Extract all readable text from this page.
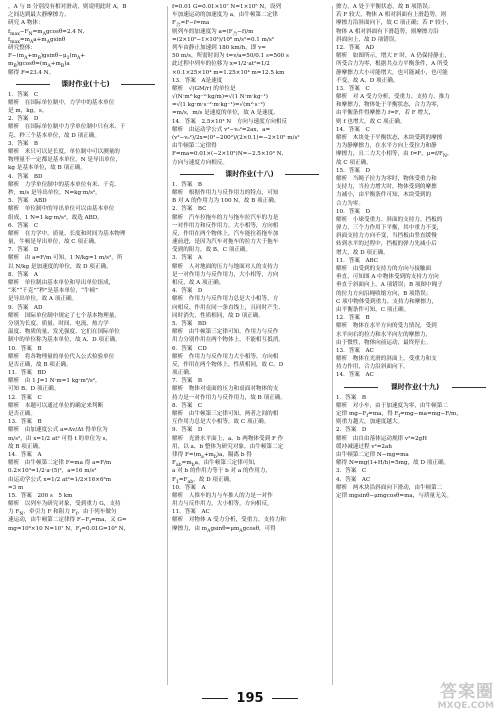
，A 与 B 分别没有相对滑动，则说明此时 A，B
之间达到最大静摩擦力。
研究 A 物体：
$f_{max}-F_N=m_Agcos\theta=2.4$ N，
$f_{max}=m_Aa+m_Agsin\theta$
研究整体：
$F-(m_A+m_B)gsin\theta-\mu_1(m_A+$
$m_B)gcos\theta=(m_A+m_B)a$
解得 F=23.4 N。
课时作业(十七)
1．答案　C
解析　在国际单位制中，力学中的基本单位
是 m，kg，s。
2．答案　D
解析　在国际单位制中力学单位制中只有米、千
克、秒三个基本单位，故 D 项正确。
3．答案　B
解析　米只可以是长度，单位制中可以测量的
物理量不一定都是基本单位，N 是导出单位，
kg 是基本单位，故 B 项正确。
4．答案　BD
解析　力学单位制中的基本单位有米、千克、
秒，m/s 是导出单位，N=kg·m/s²。
5．答案　ABD
解析　单位制中的导出单位可以由基本单位
组成，1 N=1 kg·m/s²，故选 ABD。
6．答案　C
解析　在力学中，质量、长度和时间为基本物理
量，牛顿是导出单位，故 C 项正确。
7．答案　D
解析　由 a=F/m 可知，1 N/kg=1 m/s²，所
以 N/kg 是加速度的单位，故 D 项正确。
8．答案　A
解析　单位制由基本单位和导出单位组成，
“米”“千克”“秒”是基本单位，“牛顿”
是导出单位，故 A 项正确。
9．答案　AD
解析　国际单位制中规定了七个基本物理量，
分别为长度、质量、时间、电流、热力学
温度、物质的量、发光强度，它们在国际单位
制中的单位称为基本单位，故 A、D 项正确。
10．答案　B
解析　将各物理量的单位代入公式检验单位
是否正确，故 B 项正确。
11．答案　BD
解析　由 1 J=1 N·m=1 kg·m²/s²，
可知 B、D 项正确。
12．答案　C
解析　本题可以通过单位的确定来判断
是否正确。
13．答案　B
解析　由加速度公式 a=Δv/Δt 得单位为
m/s²，由 x=1/2 at² 可得 t 的单位为 s，
故 B 项正确。
14．答案　A
解析　由牛顿第二定律 F=ma 得 a=F/m
0.2×10³=1/2·a·(5)²，a=16 m/s²
由运动学公式 x=1/2 at²=1/2×16×6²m
=3 m
15．答案　200 s　5 km
解析　以列车为研究对象，受到重力 G，支持
力 $F_N$，牵引力 F 和阻力 $F_f$，由于列车做匀
速运动，由牛顿第二定律得 $F-F_f=ma$，又 G=
mg=10⁶×10 N=10⁷ N，$F_f=0.01G=10^5$ N，
f=0.01 G=0.01×10⁷ N=1×10⁵ N，设列
车加速运动的加速度为 a，由牛顿第二定律
$F_合=F-f=ma$
则列车的加速度为 $a=(F_合-f)/m$
=(2×10⁵−1×10⁵)/10⁶ m/s²=0.1 m/s²
列车由静止加速到 180 km/h，即 v=
50 m/s，所需时间为 t=v/a=50/0.1 s=500 s
此过程中列车的位移为 x=1/2·at²=1/2
×0.1×25×10⁴ m=1.25×10⁴ m=12.5 km
13．答案　A是速度
解析　√(GM/r) 的单位是
√(N·m²·kg⁻²·kg/m)=√(1 N·m·kg⁻¹)
=√(1 kg·m·s⁻²·m·kg⁻¹)=√(m²·s⁻²)
=m/s，m/s 是速度的单位，故 A 是速度。
14．答案　2.5×10³ N　方向与速度方向相反
解析　由运动学公式 v²−v₀²=2ax，a=
(v²−v₀²)/2x=(0²−200²)/(2×0.1)=−2×10⁵ m/s²
由牛顿第二定律得
F=ma=0.01×(−2×10⁵)N=−2.5×10³ N，
方向与速度方向相反。
课时作业(十八)
1．答案　B
解析　根据作用力与反作用力的特点，可知
B 对 A 的作用力为 100 N，故 B 项正确。
2．答案　BC
解析　汽车拉拖车的力与拖车拉汽车的力是
一对作用力和反作用力，大小相等，方向相
反，作用在两个物体上，汽车能拉着拖车加
速前进，是因为汽车对拖车的拉力大于拖车
受到的阻力，故 B、C 项正确。
3．答案　A
解析　人对地面的压力与地面对人的支持力
是一对作用力与反作用力，大小相等，方向
相反，故 A 项正确。
4．答案　D
解析　作用力与反作用力总是大小相等、方
向相反、作用在同一条直线上，且同时产生、
同时消失，性质相同，故 D 项正确。
5．答案　BD
解析　由牛顿第三定律可知，作用力与反作
用力分别作用在两个物体上，不能相互抵消。
6．答案　CD
解析　作用力与反作用力大小相等、方向相
反，作用在两个物体上，性质相同，故 C、D
项正确。
7．答案　B
解析　物体对桌面的压力和桌面对物体的支
持力是一对作用力与反作用力，故 B 项正确。
8．答案　C
解析　由牛顿第三定律可知，两者之间的相
互作用力总是大小相等，故 C 项正确。
9．答案　D
解析　光滑水平面上，a、b 两物体受到 F 作
用，以 a、b 整体为研究对象，由牛顿第二定
律得 $F=(m_a+m_b)a$，隔离 b 得
$F_{ab}=m_ba$，由牛顿第三定律可知，
a 对 b 的作用力等于 b 对 a 的作用力，
$F_1=F_{ab}$，故 D 项正确。
10．答案　A
解析　人推车的力与车推人的力是一对作
用力与反作用力，大小相等，方向相反。
11．答案　AC
解析　对物体 A 受力分析，受重力、支持力和
摩擦力，由 $m_Agsin\theta=\mu m_Agcos\theta$，可得
擦力，A 处于平衡状态，故 B 项错误；
若 F 较大，物体 A 相对斜面有上滑趋势，则
摩擦力沿斜面向下，故 C 项正确；若 F 较小，
物体 A 相对斜面有下滑趋势，则摩擦力沿
斜面向上，故 D 项错误。
12．答案　AD
解析　如图所示，增大 F 时，A 仍保持静止，
所受合力为零，根据共点力平衡条件，A 所受
静摩擦力大小可能增大，也可能减小，也可能
不变，故 A、D 项正确。
13．答案　C
解析　对 A 受力分析，受重力、支持力、推力
和摩擦力，物体处于平衡状态，合力为零，
由平衡条件得摩擦力 f=F，若 F 增大，
则 f 也增大，故 C 项正确。
14．答案　C
解析　木块处于平衡状态，木块受到的摩擦
力为静摩擦力，在水平方向上受拉力和静
摩擦力，且二力大小相等，由 f=F，$\mu=f/F_N$，
故 C 项正确。
15．答案　D
解析　当绳子拉力为零时，物体受重力和
支持力，当拉力增大时，物体受到的摩擦
力减小，由平衡条件可知，木块受到的
合力为零。
10．答案　D
解析　小球受重力、斜面的支持力、挡板的
弹力，三个力作用下平衡，其中重力不变，
斜面支持力方向不变，当挡板由竖直缓慢
转到水平的过程中，挡板的弹力先减小后
增大，故 D 项正确。
11．答案　ABC
解析　由受到的支持力的方向与接触面
垂直，可知图 A 中物体受到的支持力方向
垂直于斜面向上，A 项错误；B 项图中绳子
的拉力方向沿绳收缩方向，B 项错误；
C 项中物体受到重力、支持力和摩擦力，
由平衡条件可知，C 项正确。
12．答案　B
解析　物体在水平方向的受力情况，受到
水平向右的拉力和水平向左的摩擦力，
由于惯性，物体向前运动，最终停止。
13．答案　AC
解析　物体在光滑的斜面上，受重力和支
持力作用，合力沿斜面向下。
14．答案　AC
课时作业(十九)
1．答案　B
解析　对小车，由于加速度为零，由牛顿第二
定律 $mg-F_f=ma$，得 $F_f=mg-ma=mg-F/m$，
则重力越大，加速度越大。
2．答案　D
解析　由自由落体运动规律 v²=2gH
缓冲减速过程 v²=2ah
由牛顿第二定律 N−mg=ma
解得 N=mg(1+H/h)=5mg，故 D 项正确。
3．答案　C
4．答案　AC
解析　两木块沿斜面向下滑动，由牛顿第二
定律 mgsinθ−μmgcosθ=ma，与质量无关。
195	答案圈
MXQE.COM
